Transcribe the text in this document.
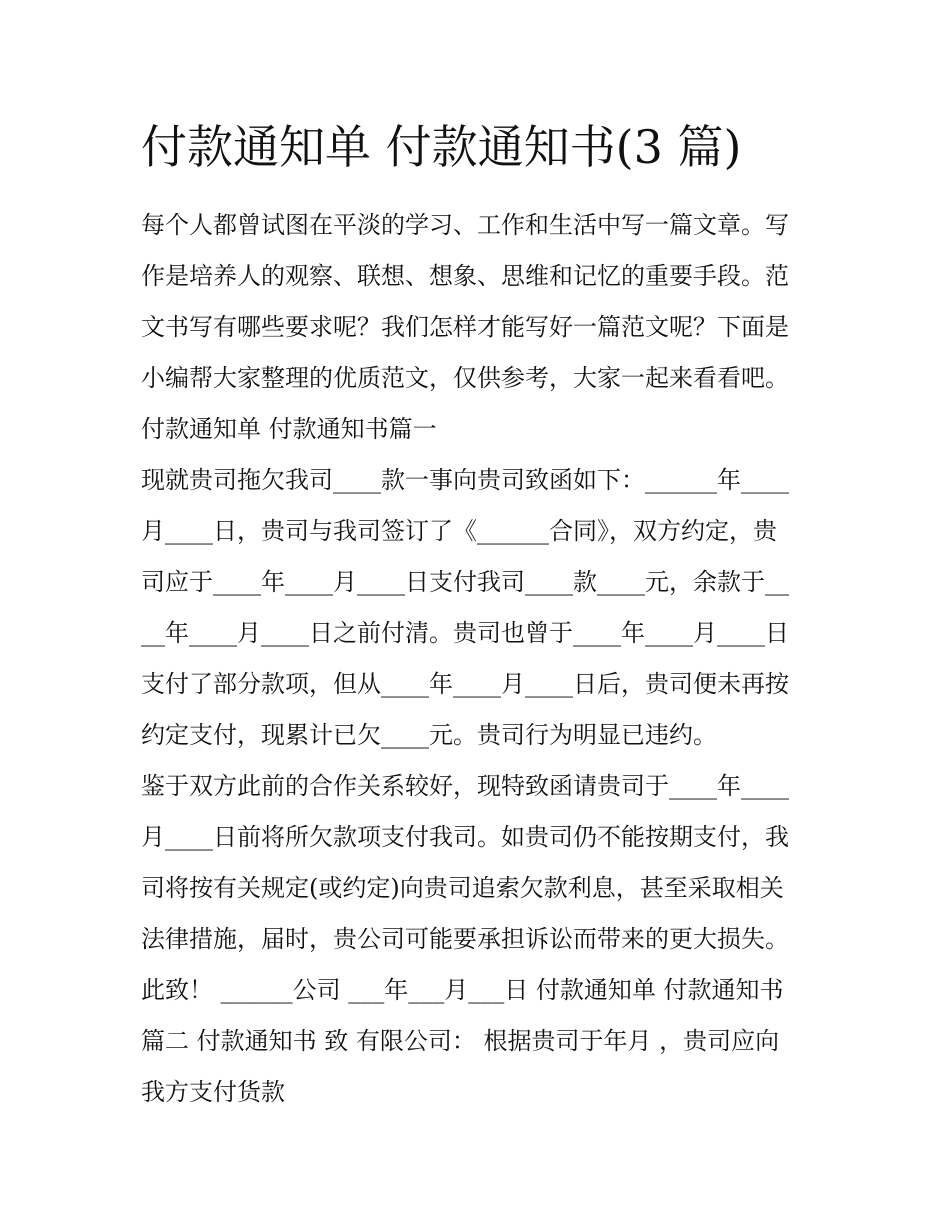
付款通知单 付款通知书(3 篇)
每个人都曾试图在平淡的学习、工作和生活中写一篇文章。写
作是培养人的观察、联想、想象、思维和记忆的重要手段。范
文书写有哪些要求呢？我们怎样才能写好一篇范文呢？下面是
小编帮大家整理的优质范文，仅供参考，大家一起来看看吧。
付款通知单 付款通知书篇一
现就贵司拖欠我司____款一事向贵司致函如下：______年____
月____日，贵司与我司签订了《______合同》，双方约定，贵
司应于____年____月____日支付我司____款____元，余款于__
__年____月____日之前付清。贵司也曾于____年____月____日
支付了部分款项，但从____年____月____日后，贵司便未再按
约定支付，现累计已欠____元。贵司行为明显已违约。
鉴于双方此前的合作关系较好，现特致函请贵司于____年____
月____日前将所欠款项支付我司。如贵司仍不能按期支付，我
司将按有关规定(或约定)向贵司追索欠款利息，甚至采取相关
法律措施，届时，贵公司可能要承担诉讼而带来的更大损失。
此致！ ______公司 ___年___月___日 付款通知单 付款通知书
篇二 付款通知书 致 有限公司： 根据贵司于年月 ，贵司应向
我方支付货款
